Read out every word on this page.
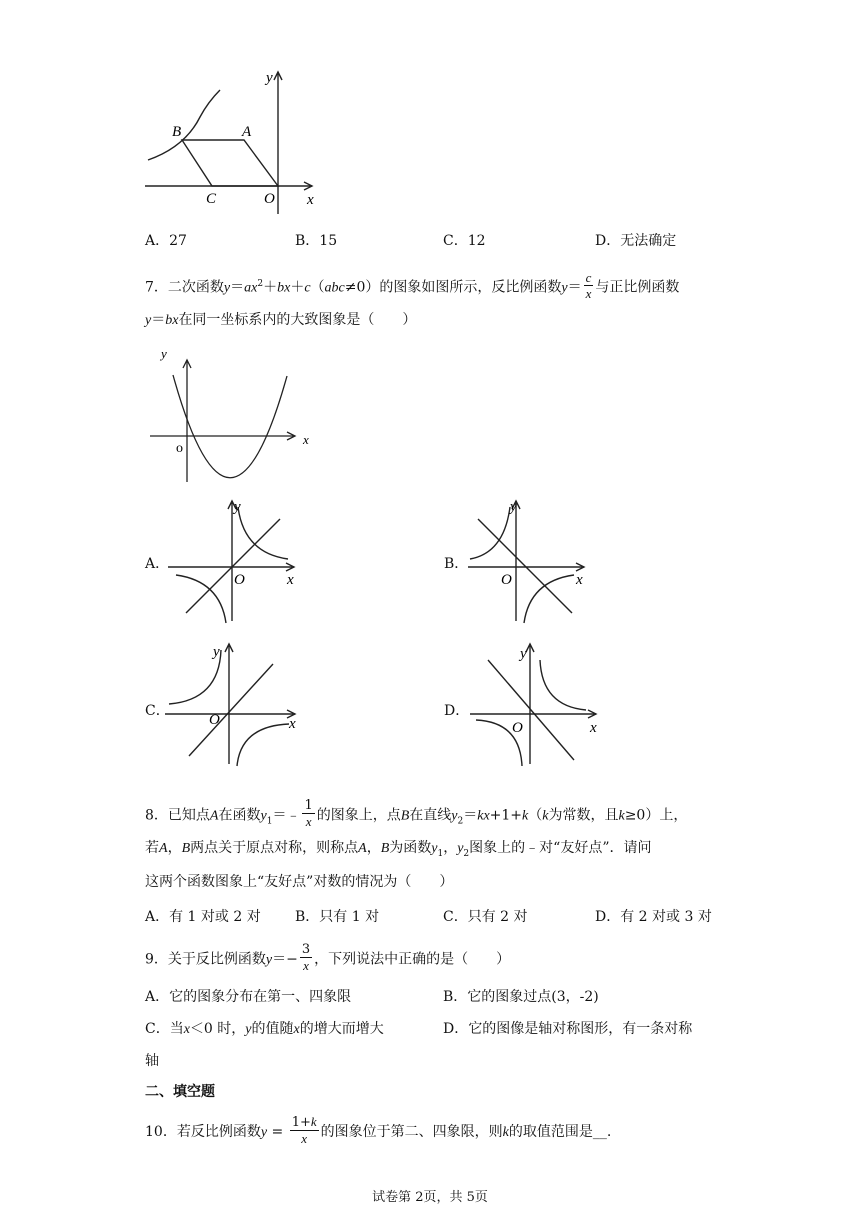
y
x
B	A
C	O
A．27	B．15	C．12	D．无法确定
7．二次函数$y=ax^2+bx+c(abc\ne 0)$的图象如图所示，反比例函数$y= \frac{c}{x}$ 与正比例函数
y＝bx在同一坐标系内的大致图象是（　　）
y
x
o
A．	B．
C．	D．
y
x
O
y
x
O
y
x
O
y
x
O
8．已知点A在函数$y_1=﹣ \frac{1}{x}$ 的图象上，点B在直线$y_2=kx+1+k(k$为常数，且k≥0）上，
若A，B两点关于原点对称，则称点A，B为函数$y_1$，$y_2$图象上的﹣对“友好点”．请问
这两个函数图象上“友好点”对数的情况为（　　）
A．有 1 对或 2 对 B．只有 1 对	C．只有 2 对	D．有 2 对或 3 对
9．关于反比例函数$y=- \frac{3}{x}$ ，下列说法中正确的是（　　）
A．它的图象分布在第一、四象限	B．它的图象过点(3，-2)
C．当x＜0 时，y的值随x的增大而增大	D．它的图像是轴对称图形，有一条对称
轴
二、填空题
10．若反比例函数$y = \frac{1+k}{x}$ 的图象位于第二、四象限，则k的取值范围是__.
试卷第 2页，共 5页
